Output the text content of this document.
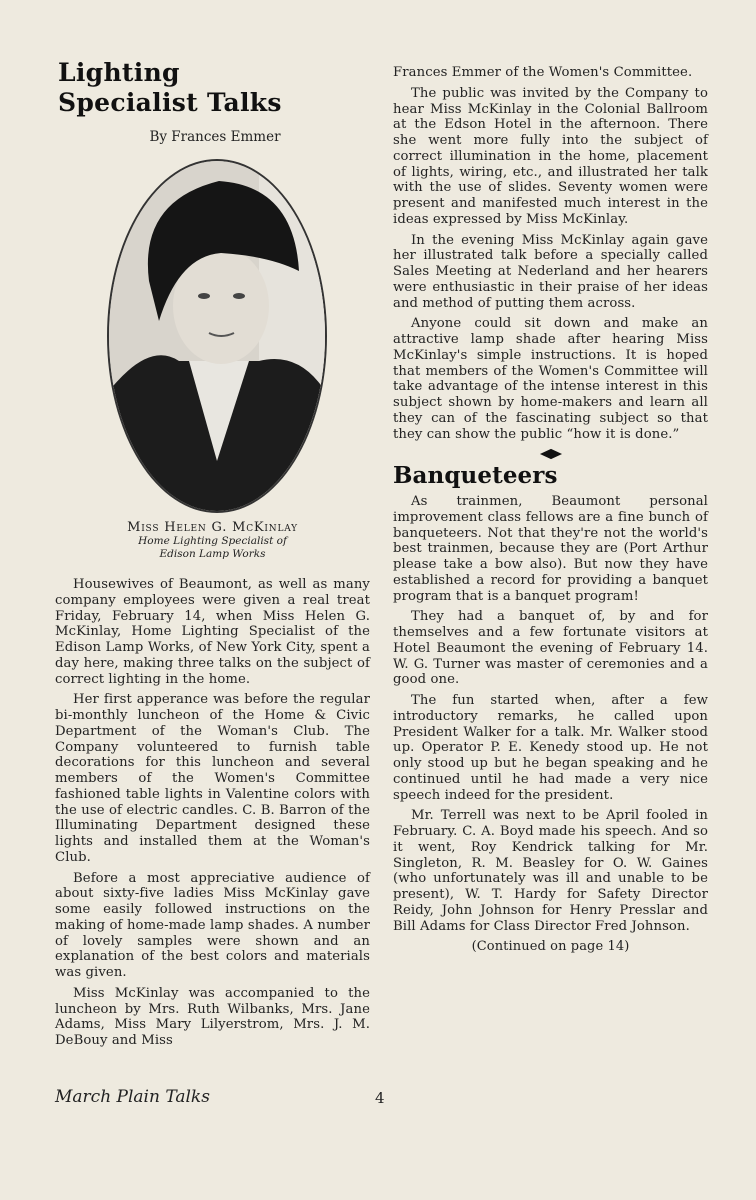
Lighting
Specialist Talks
By Frances Emmer
Miss Helen G. McKinlay
Home Lighting Specialist of
Edison Lamp Works

Housewives of Beaumont, as well as many company employees were given a real treat Friday, February 14, when Miss Helen G. McKinlay, Home Lighting Specialist of the Edison Lamp Works, of New York City, spent a day here, making three talks on the subject of correct lighting in the home.

Her first apperance was before the regular bi-monthly luncheon of the Home & Civic Department of the Woman's Club. The Company volunteered to furnish table decorations for this luncheon and several members of the Women's Committee fashioned table lights in Valentine colors with the use of electric candles. C. B. Barron of the Illuminating Department designed these lights and installed them at the Woman's Club.

Before a most appreciative audience of about sixty-five ladies Miss McKinlay gave some easily followed instructions on the making of home-made lamp shades. A number of lovely samples were shown and an explanation of the best colors and materials was given.

Miss McKinlay was accompanied to the luncheon by Mrs. Ruth Wilbanks, Mrs. Jane Adams, Miss Mary Lilyerstrom, Mrs. J. M. DeBouy and Miss

Frances Emmer of the Women's Committee.

The public was invited by the Company to hear Miss McKinlay in the Colonial Ballroom at the Edson Hotel in the afternoon. There she went more fully into the subject of correct illumination in the home, placement of lights, wiring, etc., and illustrated her talk with the use of slides. Seventy women were present and manifested much interest in the ideas expressed by Miss McKinlay.

In the evening Miss McKinlay again gave her illustrated talk before a specially called Sales Meeting at Nederland and her hearers were enthusiastic in their praise of her ideas and method of putting them across.

Anyone could sit down and make an attractive lamp shade after hearing Miss McKinlay's simple instructions. It is hoped that members of the Women's Committee will take advantage of the intense interest in this subject shown by home-makers and learn all they can of the fascinating subject so that they can show the public “how it is done.”

Banqueteers

As trainmen, Beaumont personal improvement class fellows are a fine bunch of banqueteers. Not that they're not the world's best trainmen, because they are (Port Arthur please take a bow also). But now they have established a record for providing a banquet program that is a banquet program!

They had a banquet of, by and for themselves and a few fortunate visitors at Hotel Beaumont the evening of February 14. W. G. Turner was master of ceremonies and a good one.

The fun started when, after a few introductory remarks, he called upon President Walker for a talk. Mr. Walker stood up. Operator P. E. Kenedy stood up. He not only stood up but he began speaking and he continued until he had made a very nice speech indeed for the president.

Mr. Terrell was next to be April fooled in February. C. A. Boyd made his speech. And so it went, Roy Kendrick talking for Mr. Singleton, R. M. Beasley for O. W. Gaines (who unfortunately was ill and unable to be present), W. T. Hardy for Safety Director Reidy, John Johnson for Henry Presslar and Bill Adams for Class Director Fred Johnson.

(Continued on page 14)
March Plain Talks	4
